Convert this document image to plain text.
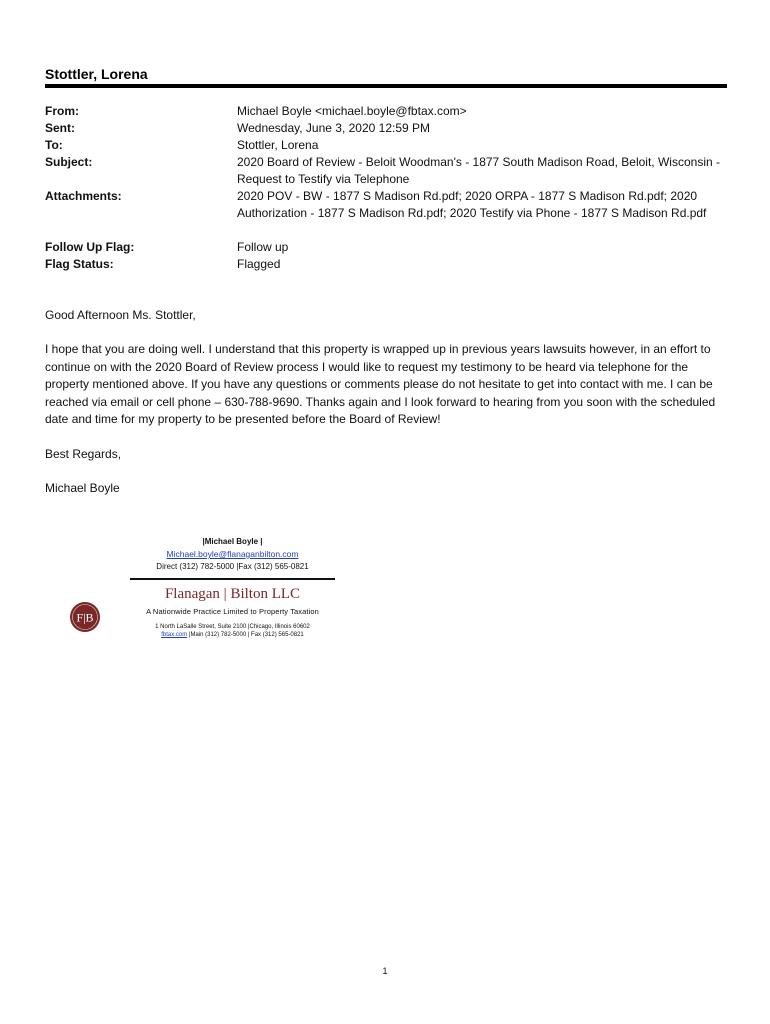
Stottler, Lorena
From:	Michael Boyle <michael.boyle@fbtax.com>
Sent:	Wednesday, June 3, 2020 12:59 PM
To:	Stottler, Lorena
Subject:	2020 Board of Review - Beloit Woodman's - 1877 South Madison Road, Beloit, Wisconsin - Request to Testify via Telephone
Attachments:	2020 POV - BW - 1877 S Madison Rd.pdf; 2020 ORPA - 1877 S Madison Rd.pdf; 2020 Authorization - 1877 S Madison Rd.pdf; 2020 Testify via Phone - 1877 S Madison Rd.pdf
Follow Up Flag:	Follow up
Flag Status:	Flagged
Good Afternoon Ms. Stottler,
I hope that you are doing well. I understand that this property is wrapped up in previous years lawsuits however, in an effort to continue on with the 2020 Board of Review process I would like to request my testimony to be heard via telephone for the property mentioned above. If you have any questions or comments please do not hesitate to get into contact with me. I can be reached via email or cell phone – 630-788-9690. Thanks again and I look forward to hearing from you soon with the scheduled date and time for my property to be presented before the Board of Review!
Best Regards,
Michael Boyle
|Michael Boyle |
Michael.boyle@flanaganbilton.com
Direct (312) 782-5000 |Fax (312) 565-0821
Flanagan | Bilton LLC
A Nationwide Practice Limited to Property Taxation
1 North LaSalle Street, Suite 2100 |Chicago, Illinois 60602
fbtax.com |Main (312) 782-5000 | Fax (312) 565-0821
F|B
1
